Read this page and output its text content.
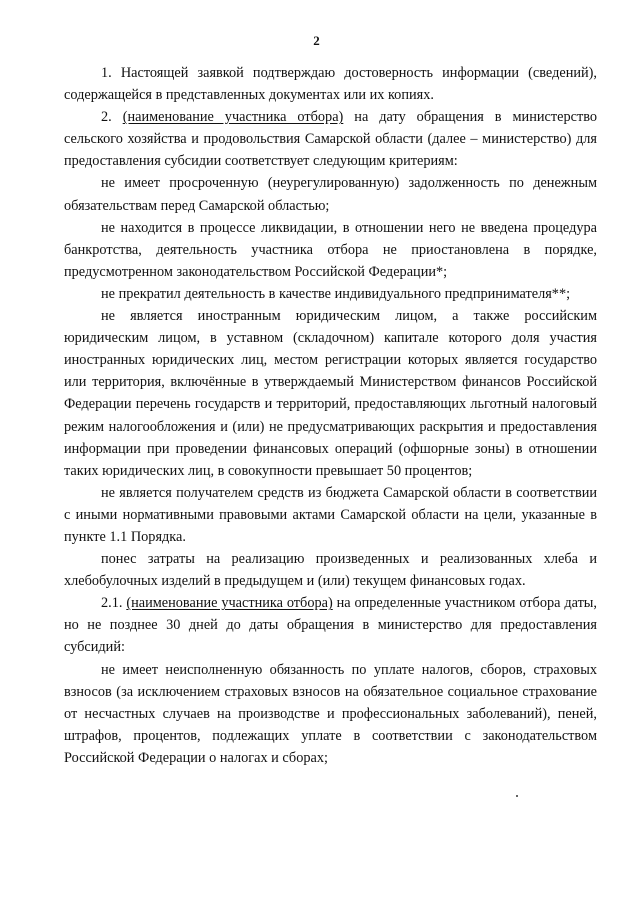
2

1. Настоящей заявкой подтверждаю достоверность информации (сведений), содержащейся в представленных документах или их копиях.

2. (наименование участника отбора) на дату обращения в министерство сельского хозяйства и продовольствия Самарской области (далее – министерство) для предоставления субсидии соответствует следующим критериям:

не имеет просроченную (неурегулированную) задолженность по денежным обязательствам перед Самарской областью;

не находится в процессе ликвидации, в отношении него не введена процедура банкротства, деятельность участника отбора не приостановлена в порядке, предусмотренном законодательством Российской Федерации*;

не прекратил деятельность в качестве индивидуального предпринимателя**;

не является иностранным юридическим лицом, а также российским юридическим лицом, в уставном (складочном) капитале которого доля участия иностранных юридических лиц, местом регистрации которых является государство или территория, включённые в утверждаемый Министерством финансов Российской Федерации перечень государств и территорий, предоставляющих льготный налоговый режим налогообложения и (или) не предусматривающих раскрытия и предоставления информации при проведении финансовых операций (офшорные зоны) в отношении таких юридических лиц, в совокупности превышает 50 процентов;

не является получателем средств из бюджета Самарской области в соответствии с иными нормативными правовыми актами Самарской области на цели, указанные в пункте 1.1 Порядка.

понес затраты на реализацию произведенных и реализованных хлеба и хлебобулочных изделий в предыдущем и (или) текущем финансовых годах.

2.1. (наименование участника отбора) на определенные участником отбора даты, но не позднее 30 дней до даты обращения в министерство для предоставления субсидий:

не имеет неисполненную обязанность по уплате налогов, сборов, страховых взносов (за исключением страховых взносов на обязательное социальное страхование от несчастных случаев на производстве и профессиональных заболеваний), пеней, штрафов, процентов, подлежащих уплате в соответствии с законодательством Российской Федерации о налогах и сборах;
